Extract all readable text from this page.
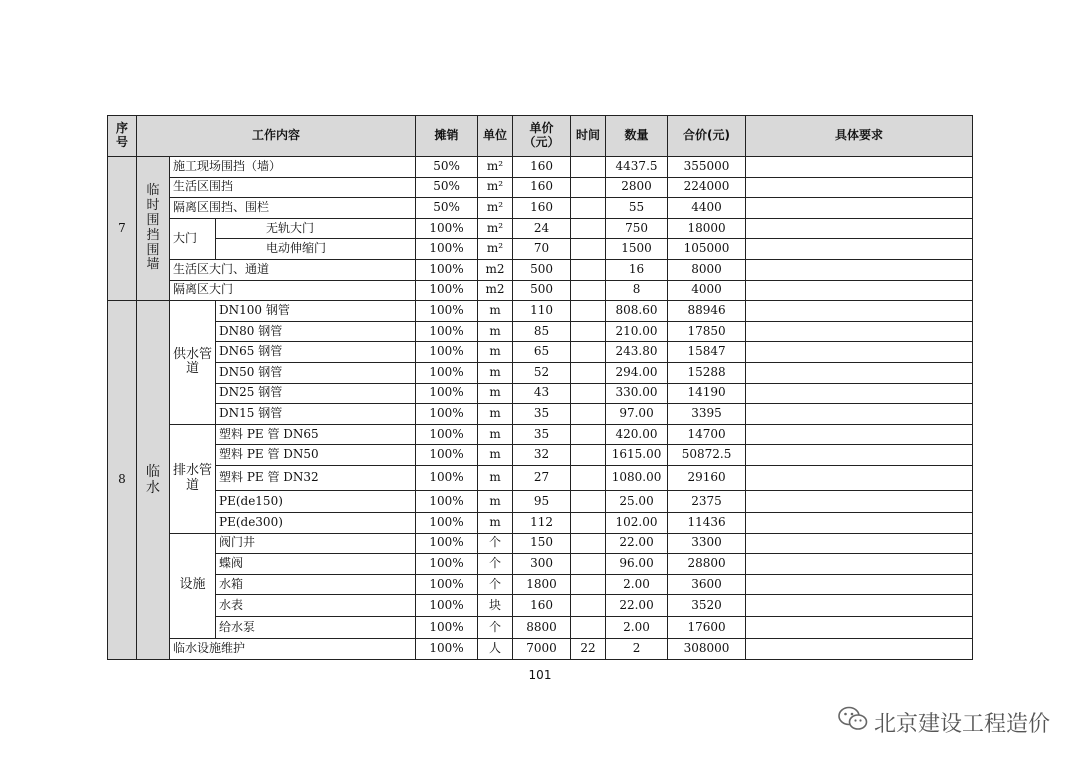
序号	工作内容			摊销	单位	单价（元）	时间	数量	合价(元)	具体要求
7	临时围挡围墙	施工现场围挡（墙）		50%	m²	160		4437.5	355000	
		生活区围挡		50%	m²	160		2800	224000	
		隔离区围挡、围栏		50%	m²	160		55	4400	
		大门	无轨大门	100%	m²	24		750	18000	
			电动伸缩门	100%	m²	70		1500	105000	
		生活区大门、通道		100%	m2	500		16	8000	
		隔离区大门		100%	m2	500		8	4000	
8	临水	供水管道	DN100 钢管	100%	m	110		808.60	88946	
			DN80 钢管	100%	m	85		210.00	17850	
			DN65 钢管	100%	m	65		243.80	15847	
			DN50 钢管	100%	m	52		294.00	15288	
			DN25 钢管	100%	m	43		330.00	14190	
			DN15 钢管	100%	m	35		97.00	3395	
		排水管道	塑料 PE 管 DN65	100%	m	35		420.00	14700	
			塑料 PE 管 DN50	100%	m	32		1615.00	50872.5	
			塑料 PE 管 DN32	100%	m	27		1080.00	29160	
			PE(de150)	100%	m	95		25.00	2375	
			PE(de300)	100%	m	112		102.00	11436	
		设施	阀门井	100%	个	150		22.00	3300	
			蝶阀	100%	个	300		96.00	28800	
			水箱	100%	个	1800		2.00	3600	
			水表	100%	块	160		22.00	3520	
			给水泵	100%	个	8800		2.00	17600	
		临水设施维护		100%	人	7000	22	2	308000	
101
北京建设工程造价
